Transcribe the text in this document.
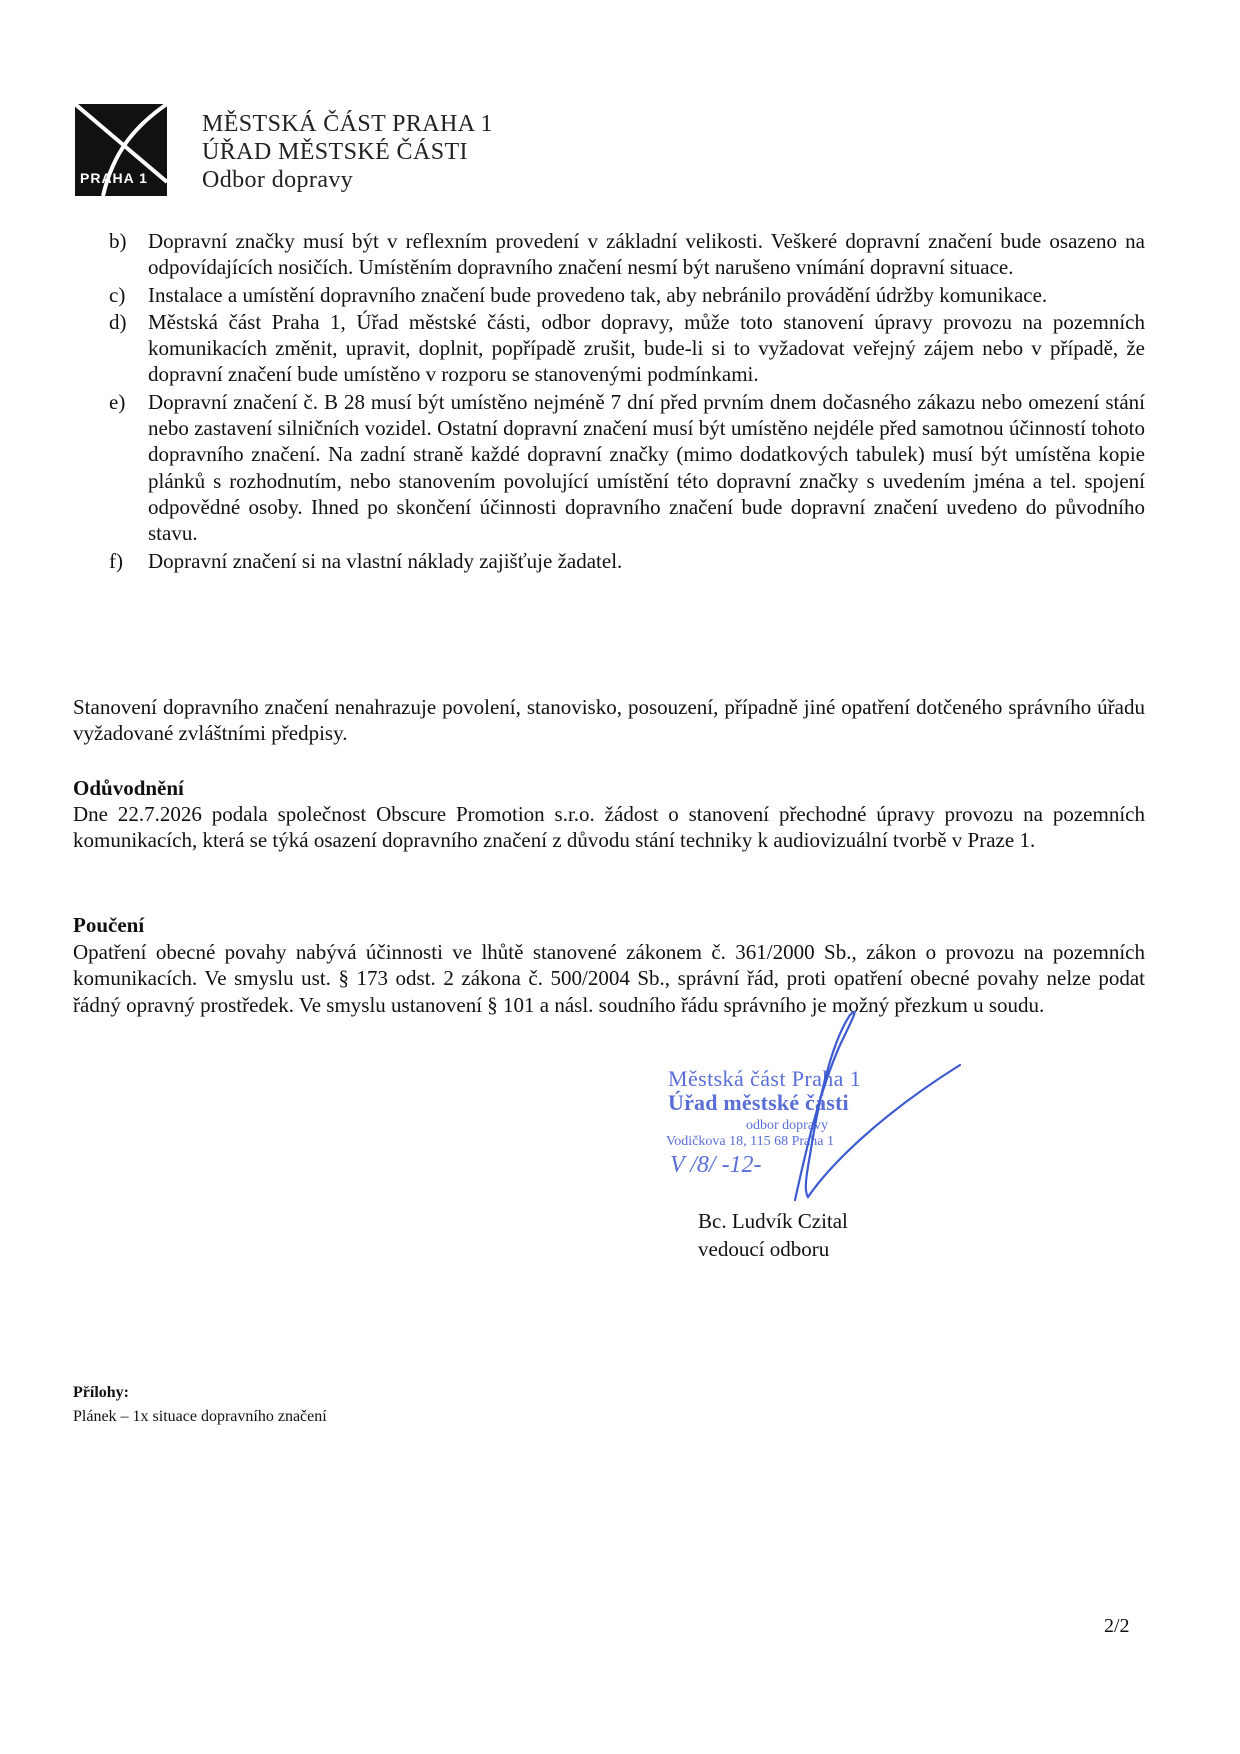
PRAHA 1
MĚSTSKÁ ČÁST PRAHA 1
ÚŘAD MĚSTSKÉ ČÁSTI
Odbor dopravy
b) Dopravní značky musí být v reflexním provedení v základní velikosti. Veškeré dopravní značení bude osazeno na odpovídajících nosičích. Umístěním dopravního značení nesmí být narušeno vnímání dopravní situace.
c) Instalace a umístění dopravního značení bude provedeno tak, aby nebránilo provádění údržby komunikace.
d) Městská část Praha 1, Úřad městské části, odbor dopravy, může toto stanovení úpravy provozu na pozemních komunikacích změnit, upravit, doplnit, popřípadě zrušit, bude-li si to vyžadovat veřejný zájem nebo v případě, že dopravní značení bude umístěno v rozporu se stanovenými podmínkami.
e) Dopravní značení č. B 28 musí být umístěno nejméně 7 dní před prvním dnem dočasného zákazu nebo omezení stání nebo zastavení silničních vozidel. Ostatní dopravní značení musí být umístěno nejdéle před samotnou účinností tohoto dopravního značení. Na zadní straně každé dopravní značky (mimo dodatkových tabulek) musí být umístěna kopie plánků s rozhodnutím, nebo stanovením povolující umístění této dopravní značky s uvedením jména a tel. spojení odpovědné osoby. Ihned po skončení účinnosti dopravního značení bude dopravní značení uvedeno do původního stavu.
f) Dopravní značení si na vlastní náklady zajišťuje žadatel.
Stanovení dopravního značení nenahrazuje povolení, stanovisko, posouzení, případně jiné opatření dotčeného správního úřadu vyžadované zvláštními předpisy.
Odůvodnění
Dne 22.7.2026 podala společnost Obscure Promotion s.r.o. žádost o stanovení přechodné úpravy provozu na pozemních komunikacích, která se týká osazení dopravního značení z důvodu stání techniky k audiovizuální tvorbě v Praze 1.
Poučení
Opatření obecné povahy nabývá účinnosti ve lhůtě stanovené zákonem č. 361/2000 Sb., zákon o provozu na pozemních komunikacích. Ve smyslu ust. § 173 odst. 2 zákona č. 500/2004 Sb., správní řád, proti opatření obecné povahy nelze podat řádný opravný prostředek. Ve smyslu ustanovení § 101 a násl. soudního řádu správního je možný přezkum u soudu.
Městská část Praha 1
Úřad městské části
odbor dopravy
Vodičkova 18, 115 68 Praha 1
V /8/ -12-
Bc. Ludvík Czital
vedoucí odboru
Přílohy:
Plánek – 1x situace dopravního značení
2/2
